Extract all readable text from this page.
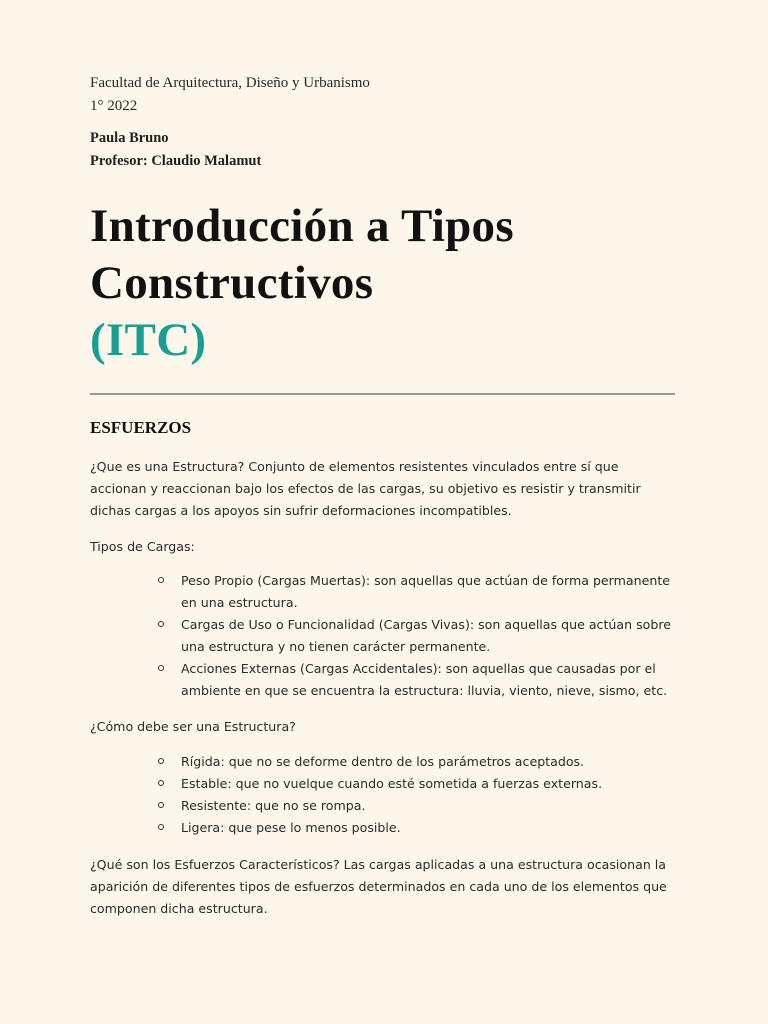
Facultad de Arquitectura, Diseño y Urbanismo
1° 2022
Paula Bruno
Profesor: Claudio Malamut
Introducción a Tipos
Constructivos
(ITC)
ESFUERZOS

¿Que es una Estructura? Conjunto de elementos resistentes vinculados entre sí que accionan y reaccionan bajo los efectos de las cargas, su objetivo es resistir y transmitir dichas cargas a los apoyos sin sufrir deformaciones incompatibles.

Tipos de Cargas:

Peso Propio (Cargas Muertas): son aquellas que actúan de forma permanente en una estructura.
Cargas de Uso o Funcionalidad (Cargas Vivas): son aquellas que actúan sobre una estructura y no tienen carácter permanente.
Acciones Externas (Cargas Accidentales): son aquellas que causadas por el ambiente en que se encuentra la estructura: lluvia, viento, nieve, sismo, etc.

¿Cómo debe ser una Estructura?

Rígida: que no se deforme dentro de los parámetros aceptados.
Estable: que no vuelque cuando esté sometida a fuerzas externas.
Resistente: que no se rompa.
Ligera: que pese lo menos posible.

¿Qué son los Esfuerzos Característicos? Las cargas aplicadas a una estructura ocasionan la aparición de diferentes tipos de esfuerzos determinados en cada uno de los elementos que componen dicha estructura.
